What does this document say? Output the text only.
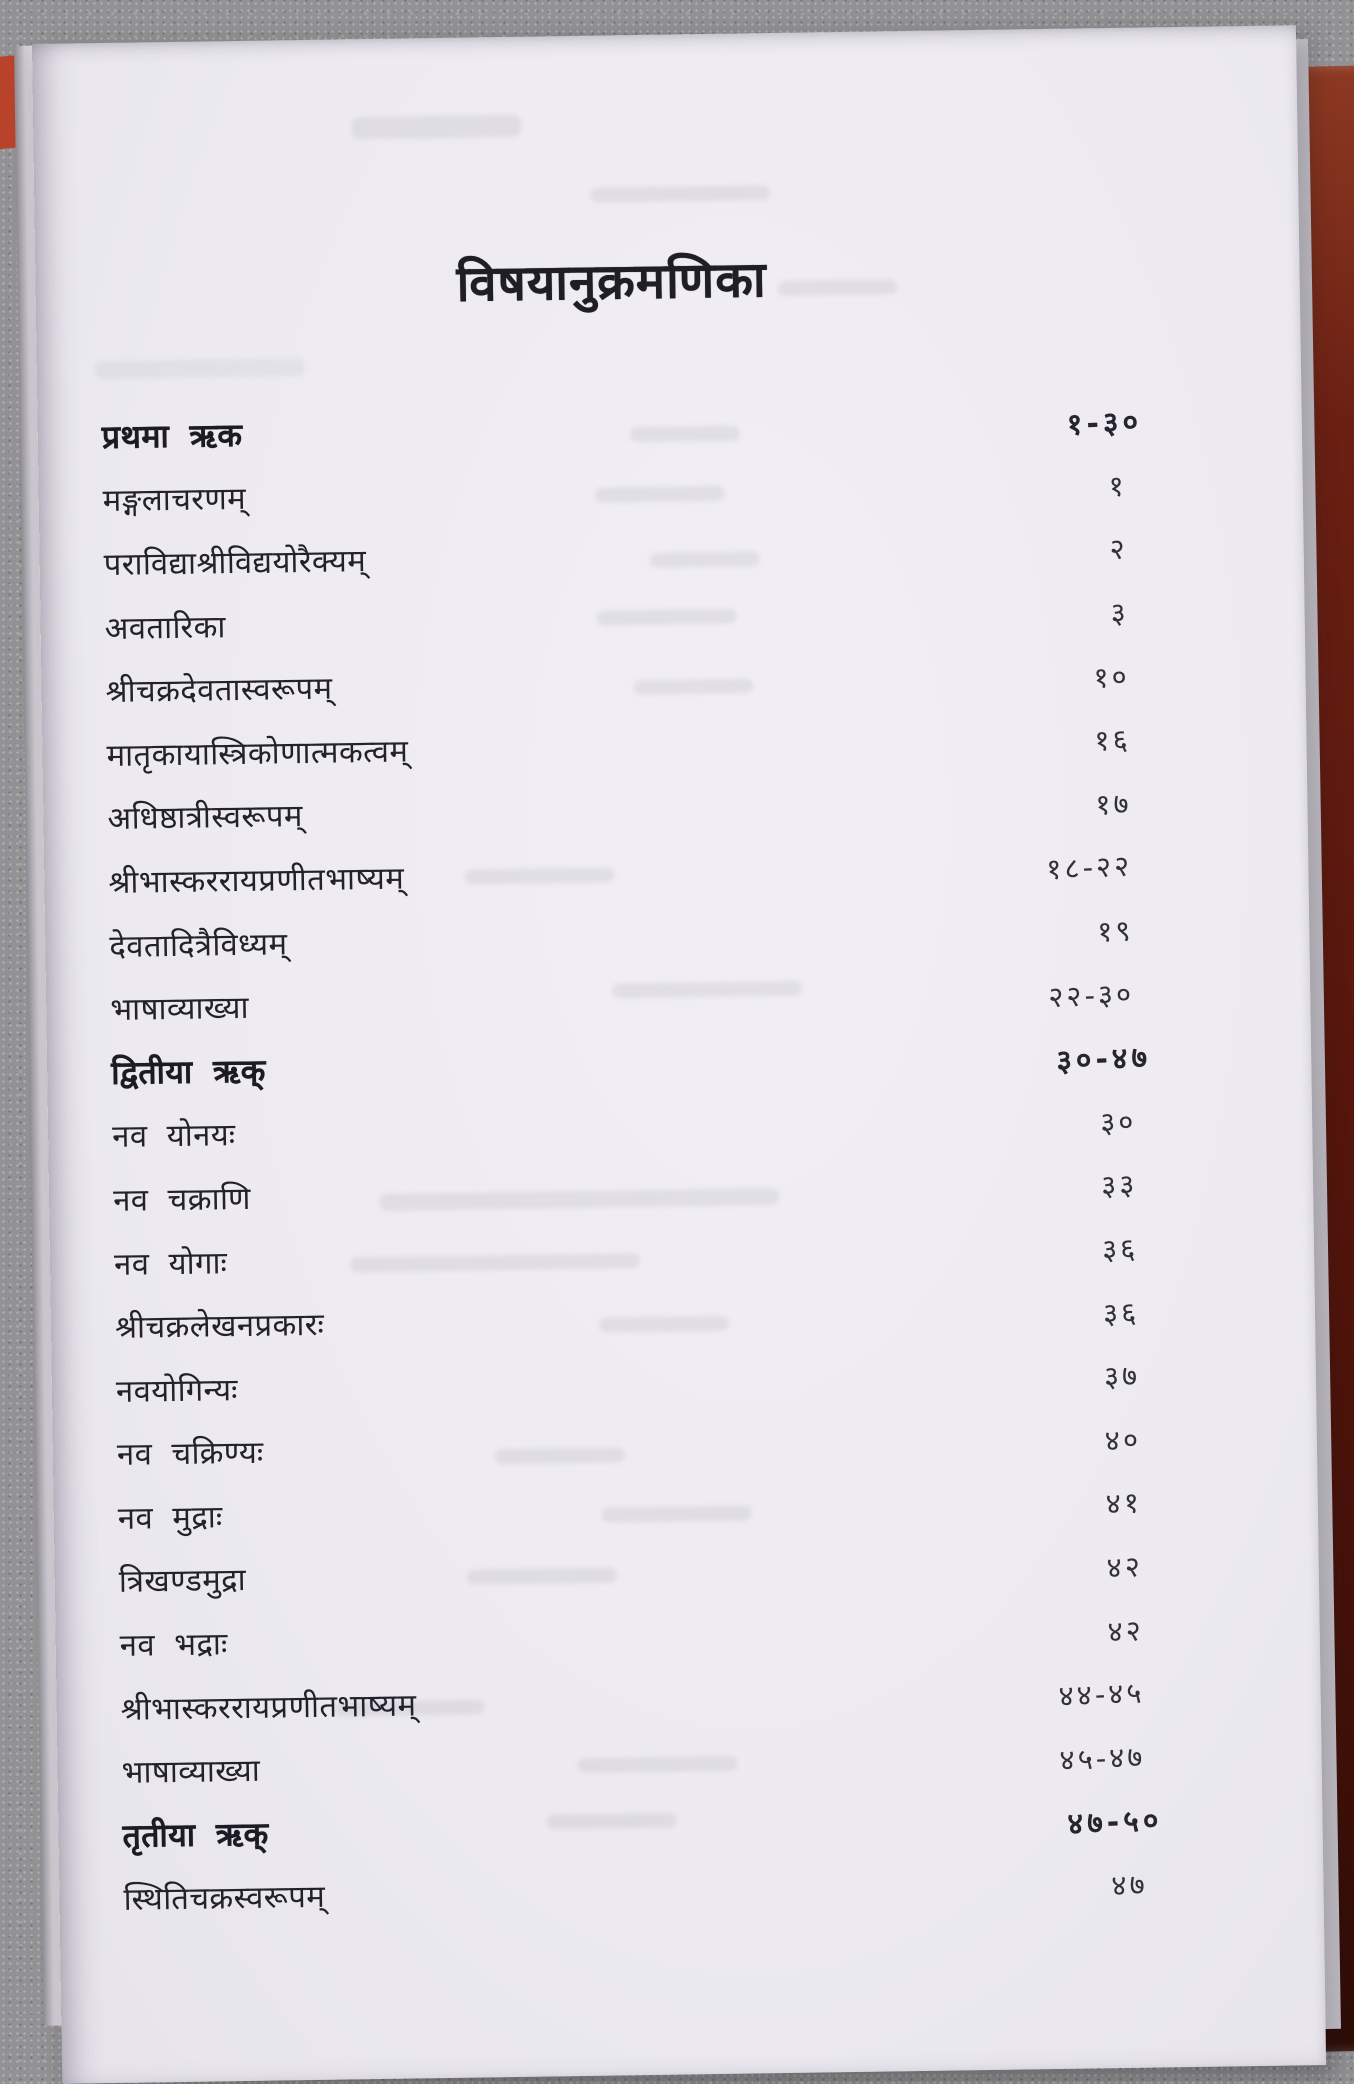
विषयानुक्रमणिका
प्रथमा ऋक	१-३०
मङ्गलाचरणम्	१
पराविद्याश्रीविद्ययोरैक्यम्	२
अवतारिका	३
श्रीचक्रदेवतास्वरूपम्	१०
मातृकायास्त्रिकोणात्मकत्वम्	१६
अधिष्ठात्रीस्वरूपम्	१७
श्रीभास्कररायप्रणीतभाष्यम्	१८-२२
देवतादित्रैविध्यम्	१९
भाषाव्याख्या	२२-३०
द्वितीया ऋक्	३०-४७
नव योनयः	३०
नव चक्राणि	३३
नव योगाः	३६
श्रीचक्रलेखनप्रकारः	३६
नवयोगिन्यः	३७
नव चक्रिण्यः	४०
नव मुद्राः	४१
त्रिखण्डमुद्रा	४२
नव भद्राः	४२
श्रीभास्कररायप्रणीतभाष्यम्	४४-४५
भाषाव्याख्या	४५-४७
तृतीया ऋक्	४७-५०
स्थितिचक्रस्वरूपम्	४७
